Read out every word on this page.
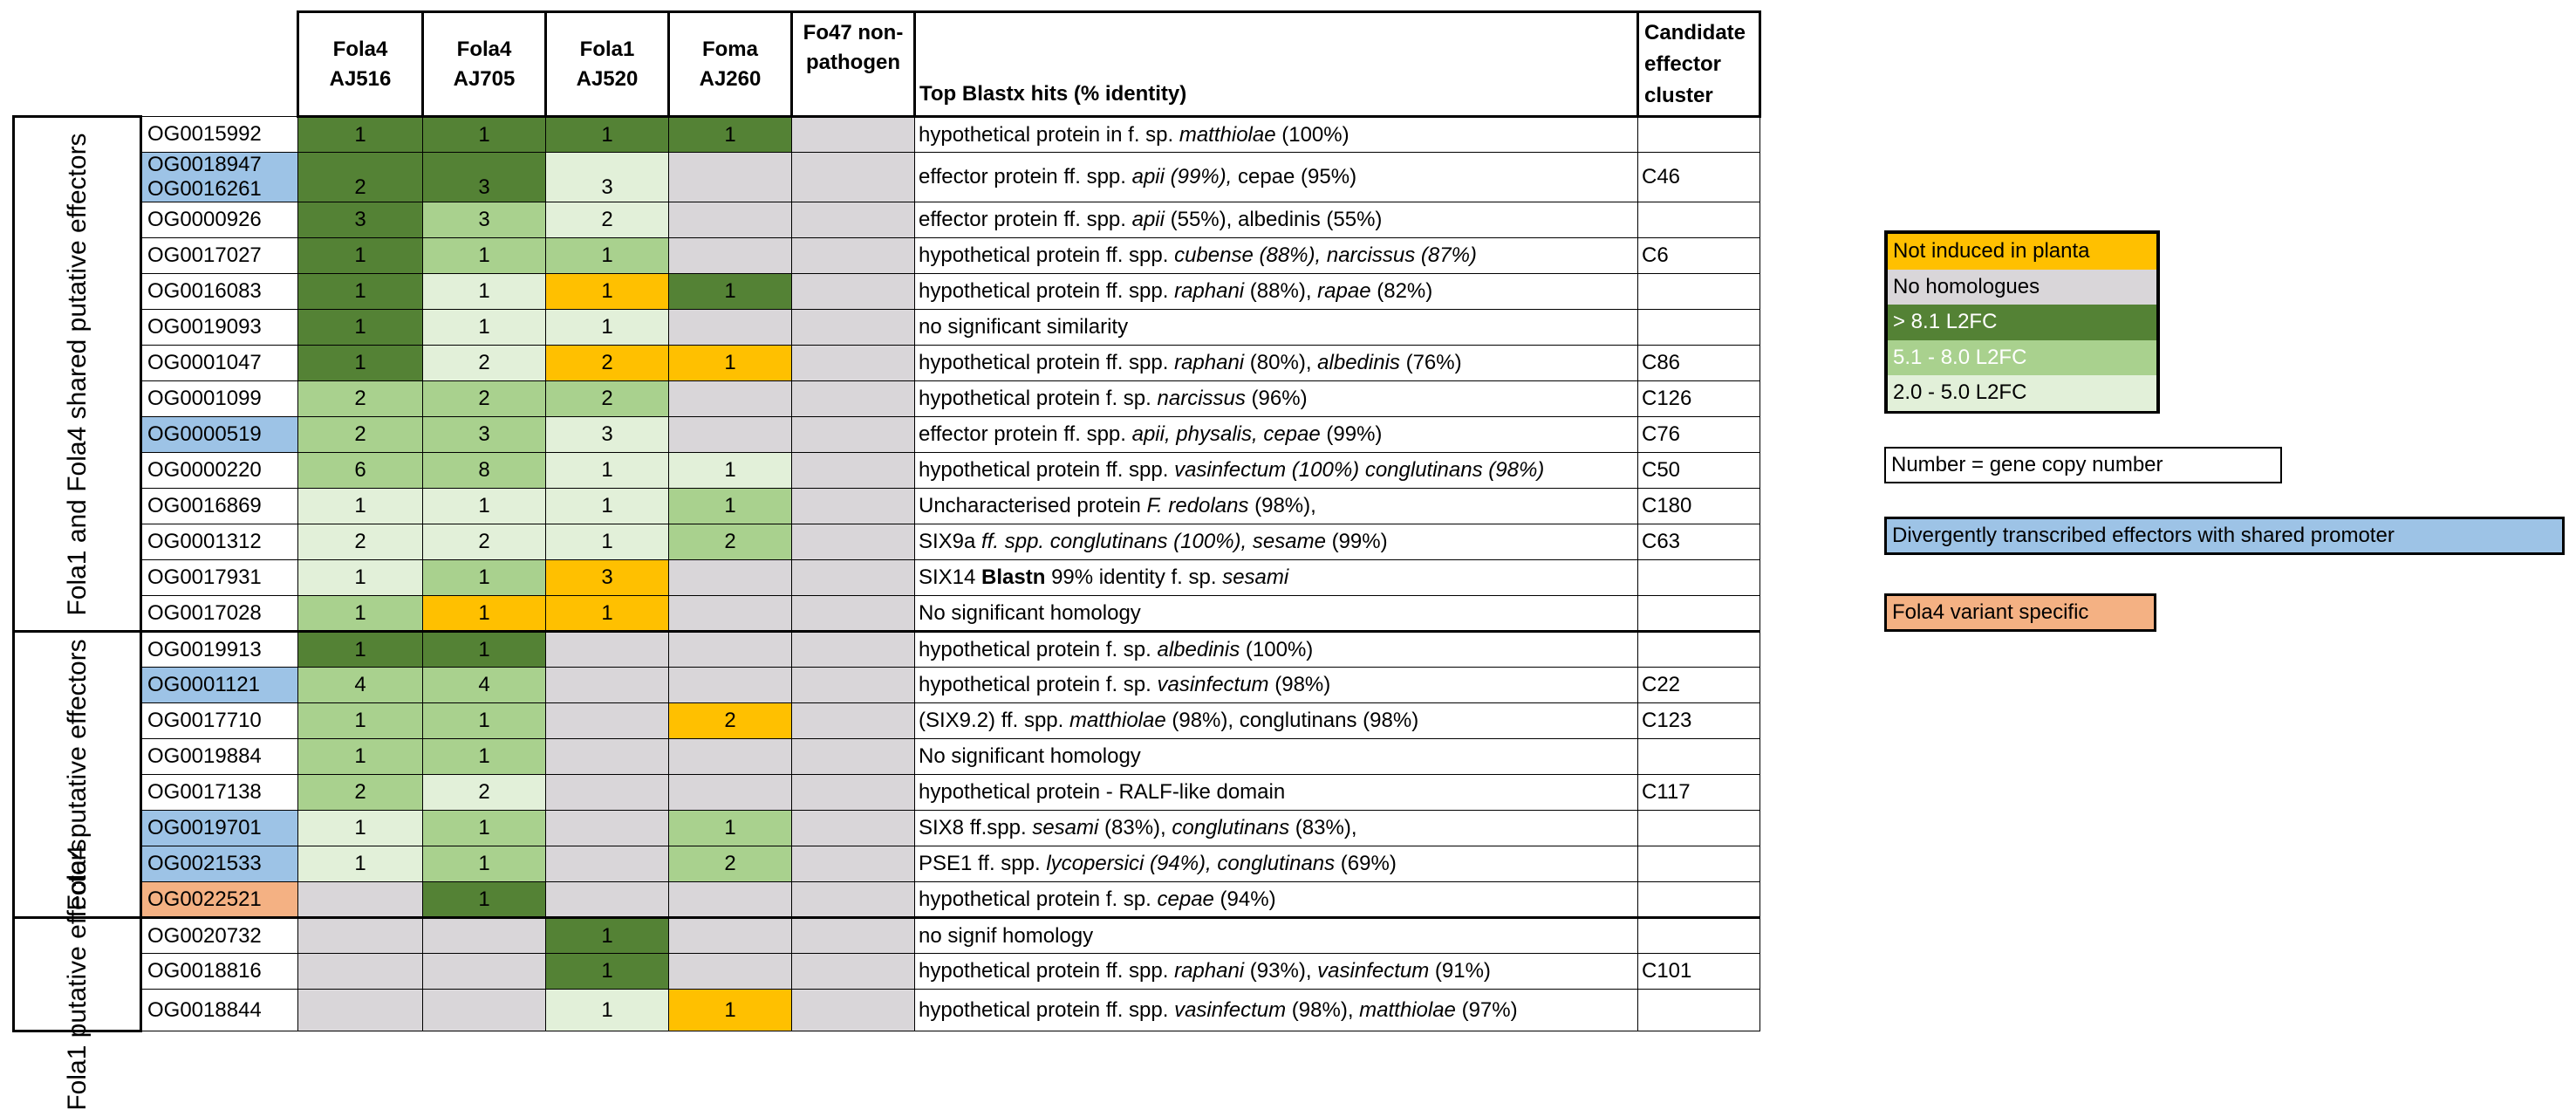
		Fola4 AJ516	Fola4 AJ705	Fola1 AJ520	Foma AJ260	Fo47 non-pathogen	Top Blastx hits (% identity)	Candidate effector cluster

Fola1 and Fola4 shared putative effectors	OG0015992	1	1	1	1		hypothetical protein in f. sp. matthiolae (100%)	
	OG0018947
OG0016261	2	3	3			effector protein ff. spp. apii (99%), cepae (95%)	C46
	OG0000926	3	3	2			effector protein ff. spp. apii (55%), albedinis (55%)	
	OG0017027	1	1	1			hypothetical protein ff. spp. cubense (88%), narcissus (87%)	C6
	OG0016083	1	1	1	1		hypothetical protein ff. spp. raphani (88%), rapae (82%)	
	OG0019093	1	1	1			no significant similarity	
	OG0001047	1	2	2	1		hypothetical protein ff. spp. raphani (80%), albedinis (76%)	C86
	OG0001099	2	2	2			hypothetical protein f. sp. narcissus (96%)	C126
	OG0000519	2	3	3			effector protein ff. spp. apii, physalis, cepae (99%)	C76
	OG0000220	6	8	1	1		hypothetical protein ff. spp. vasinfectum (100%) conglutinans (98%)	C50
	OG0016869	1	1	1	1		Uncharacterised protein F. redolans (98%),	C180
	OG0001312	2	2	1	2		SIX9a ff. spp. conglutinans (100%), sesame (99%)	C63
	OG0017931	1	1	3			SIX14 Blastn 99% identity f. sp. sesami	
	OG0017028	1	1	1			No significant homology	

Fola4 putative effectors	OG0019913	1	1				hypothetical protein f. sp. albedinis (100%)	
	OG0001121	4	4				hypothetical protein f. sp. vasinfectum (98%)	C22
	OG0017710	1	1		2		(SIX9.2) ff. spp. matthiolae (98%), conglutinans (98%)	C123
	OG0019884	1	1				No significant homology	
	OG0017138	2	2				hypothetical protein - RALF-like domain	C117
	OG0019701	1	1		1		SIX8 ff.spp. sesami (83%), conglutinans (83%),	
	OG0021533	1	1		2		PSE1 ff. spp. lycopersici (94%), conglutinans (69%)	
	OG0022521		1				hypothetical protein f. sp. cepae (94%)	

Fola1 putative effectors	OG0020732			1			no signif homology	
	OG0018816			1			hypothetical protein ff. spp. raphani (93%), vasinfectum (91%)	C101
	OG0018844			1	1		hypothetical protein ff. spp. vasinfectum (98%), matthiolae (97%)	
Not induced in planta
No homologues
> 8.1 L2FC
5.1 - 8.0 L2FC
2.0 - 5.0 L2FC
Number = gene copy number
Divergently transcribed effectors with shared promoter
Fola4 variant specific
